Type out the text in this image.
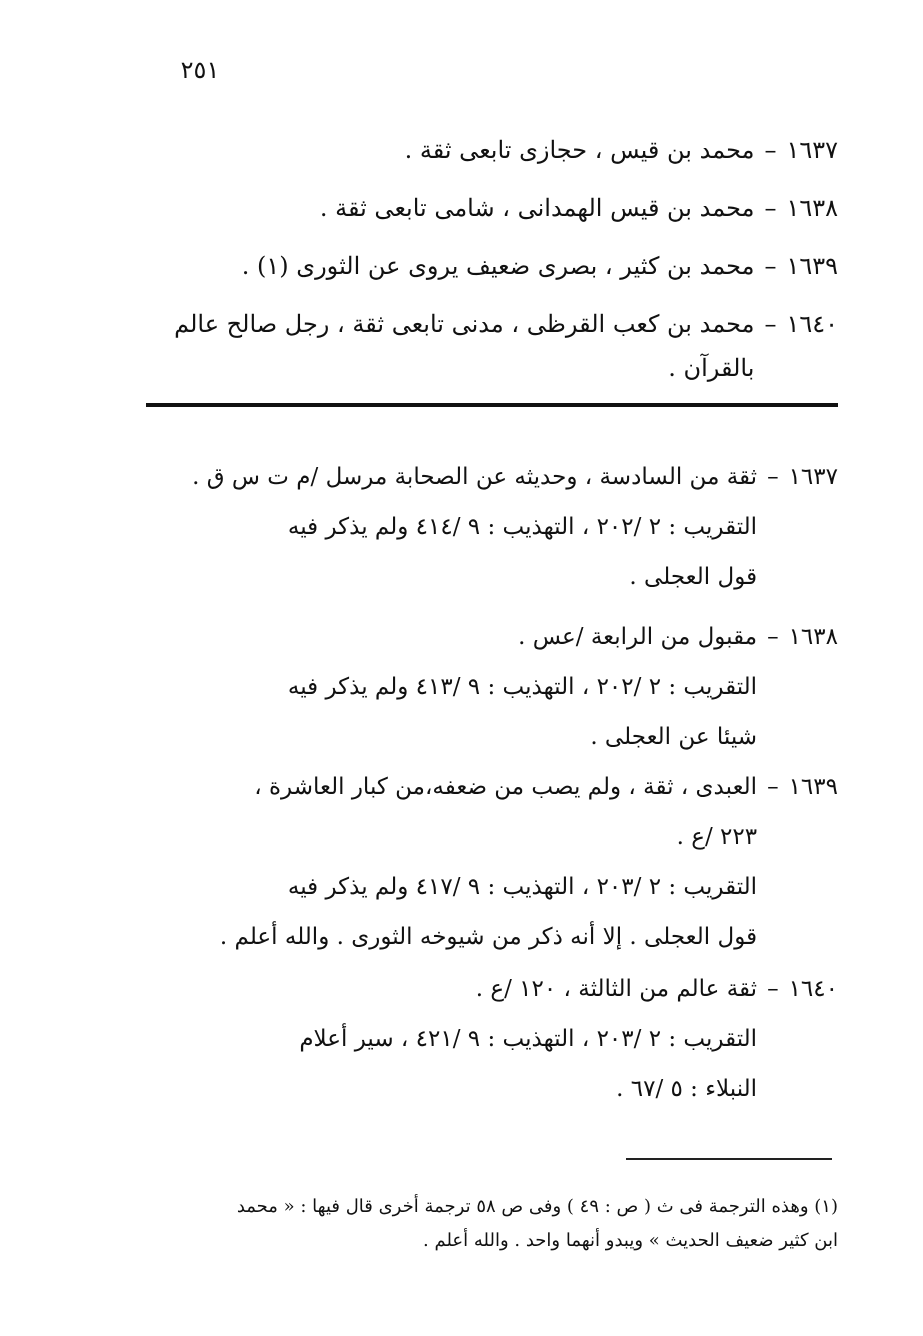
٢٥١
١٦٣٧
–
محمد بن قيس ، حجازى تابعى ثقة .
١٦٣٨
–
محمد بن قيس الهمدانى ، شامى تابعى ثقة .
١٦٣٩
–
محمد بن كثير ، بصرى ضعيف يروى عن الثورى (١) .
١٦٤٠
–
محمد بن كعب القرظى ، مدنى تابعى ثقة ، رجل صالح عالم
بالقرآن .
١٦٣٧
–
ثقة من السادسة ، وحديثه عن الصحابة مرسل /م ت س ق .
التقريب : ٢ /٢٠٢ ، التهذيب : ٩ /٤١٤ ولم يذكر فيه
قول العجلى .
١٦٣٨
–
مقبول من الرابعة /عس .
التقريب : ٢ /٢٠٢ ، التهذيب : ٩ /٤١٣ ولم يذكر فيه
شيئا عن العجلى .
١٦٣٩
–
العبدى ، ثقة ، ولم يصب من ضعفه،من كبار العاشرة ،
٢٢٣ /ع .
التقريب : ٢ /٢٠٣ ، التهذيب : ٩ /٤١٧ ولم يذكر فيه
قول العجلى . إلا أنه ذكر من شيوخه الثورى . والله أعلم .
١٦٤٠
–
ثقة عالم من الثالثة ، ١٢٠ /ع .
التقريب : ٢ /٢٠٣ ، التهذيب : ٩ /٤٢١ ، سير أعلام
النبلاء : ٥ /٦٧ .
(١) وهذه الترجمة فى ث ( ص : ٤٩ ) وفى ص ٥٨ ترجمة أخرى قال فيها : « محمد
ابن كثير ضعيف الحديث » ويبدو أنهما واحد . والله أعلم .
